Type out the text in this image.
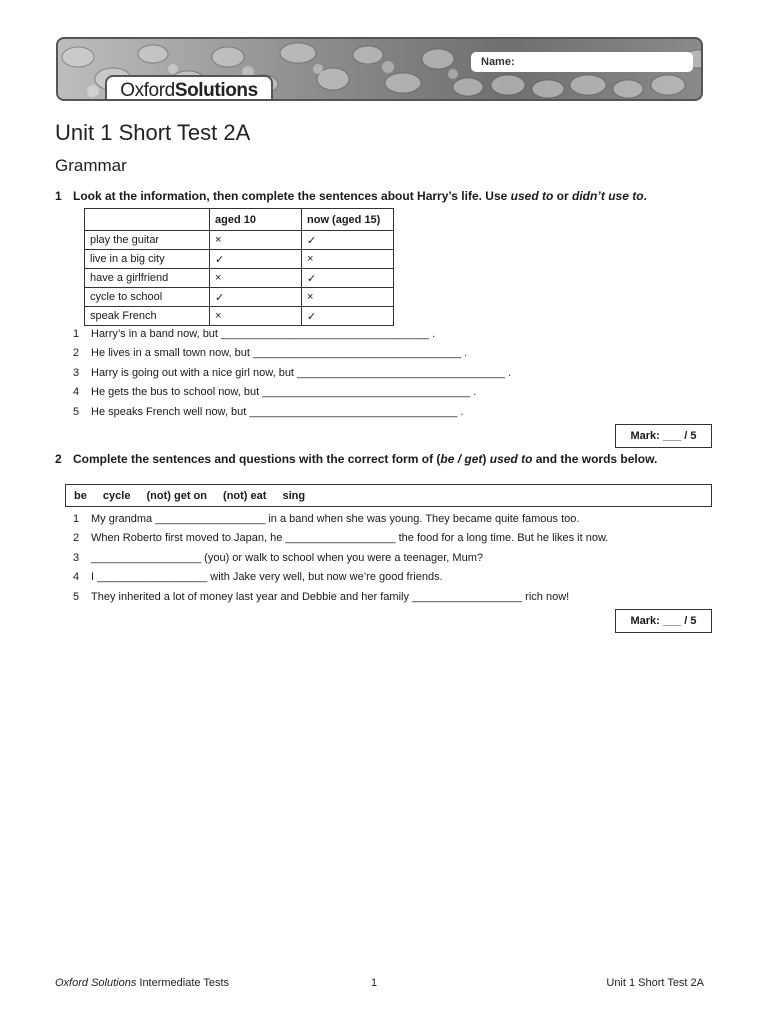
Name:
OxfordSolutions
Unit 1 Short Test 2A
Grammar
1 Look at the information, then complete the sentences about Harry’s life. Use used to or didn’t use to.
	aged 10	now (aged 15)
play the guitar	×	✓
live in a big city	✓	×
have a girlfriend	×	✓
cycle to school	✓	×
speak French	×	✓
1 Harry’s in a band now, but __________________________________ .
2 He lives in a small town now, but __________________________________ .
3 Harry is going out with a nice girl now, but __________________________________ .
4 He gets the bus to school now, but __________________________________ .
5 He speaks French well now, but __________________________________ .
Mark: ___ / 5
2 Complete the sentences and questions with the correct form of (be / get) used to and the words below.
be cycle (not) get on (not) eat sing
1 My grandma __________________ in a band when she was young. They became quite famous too.
2 When Roberto first moved to Japan, he __________________ the food for a long time. But he likes it now.
3 __________________ (you) or walk to school when you were a teenager, Mum?
4 I __________________ with Jake very well, but now we’re good friends.
5 They inherited a lot of money last year and Debbie and her family __________________ rich now!
Mark: ___ / 5
Oxford Solutions Intermediate Tests	1	Unit 1 Short Test 2A
